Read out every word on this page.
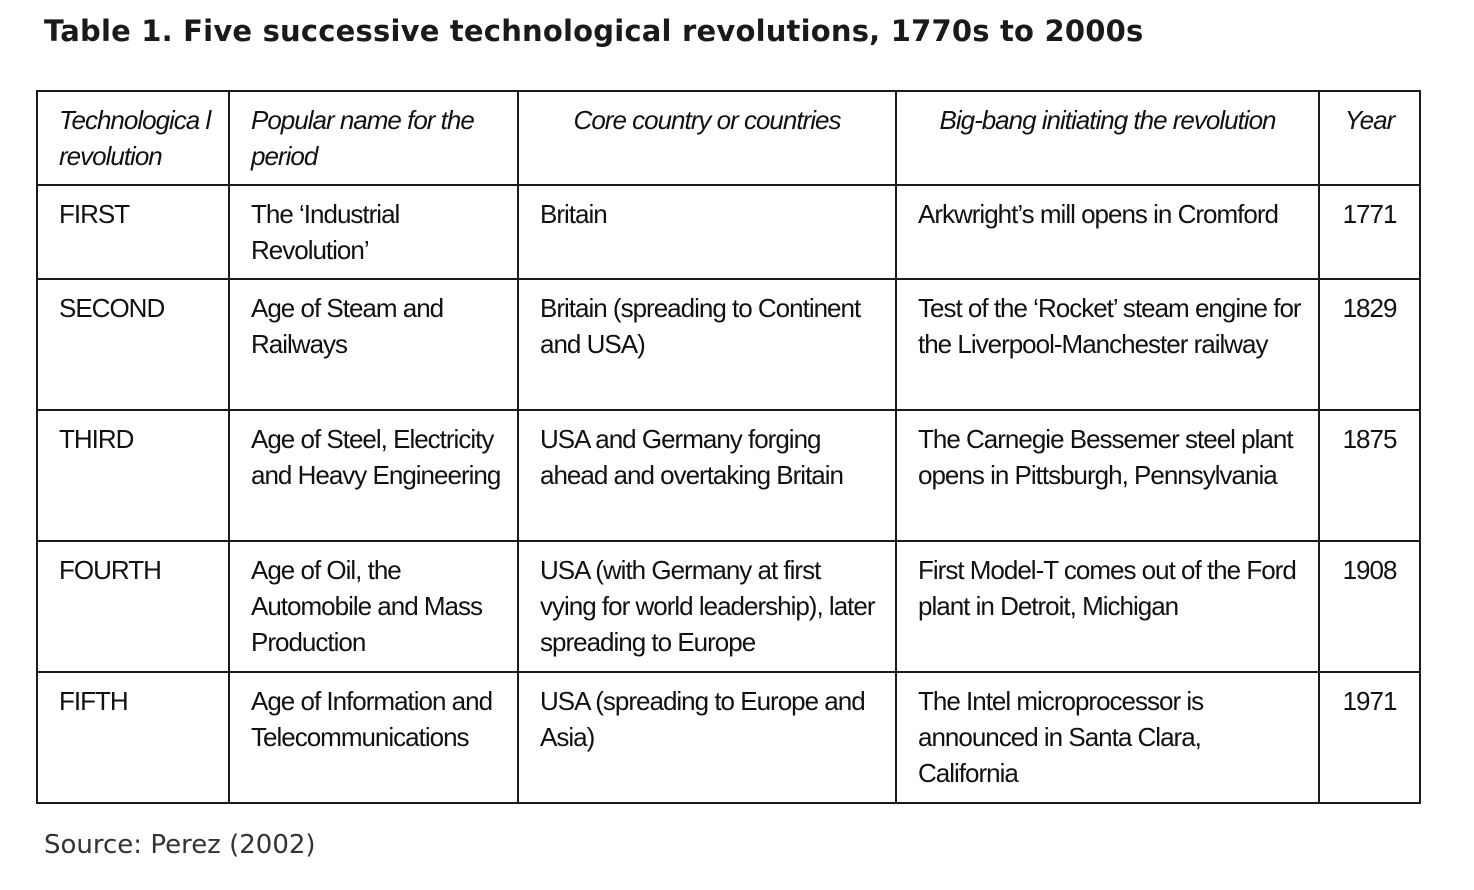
Table 1. Five successive technological revolutions, 1770s to 2000s
Technologica l revolution	Popular name for the period	Core country or countries	Big-bang initiating the revolution	Year
FIRST	The ‘Industrial Revolution’	Britain	Arkwright’s mill opens in Cromford	1771
SECOND	Age of Steam and Railways	Britain (spreading to Continent and USA)	Test of the ‘Rocket’ steam engine for the Liverpool-Manchester railway	1829
THIRD	Age of Steel, Electricity and Heavy Engineering	USA and Germany forging ahead and overtaking Britain	The Carnegie Bessemer steel plant opens in Pittsburgh, Pennsylvania	1875
FOURTH	Age of Oil, the Automobile and Mass Production	USA (with Germany at first vying for world leadership), later spreading to Europe	First Model-T comes out of the Ford plant in Detroit, Michigan	1908
FIFTH	Age of Information and Telecommunications	USA (spreading to Europe and Asia)	The Intel microprocessor is announced in Santa Clara, California	1971
Source: Perez (2002)
